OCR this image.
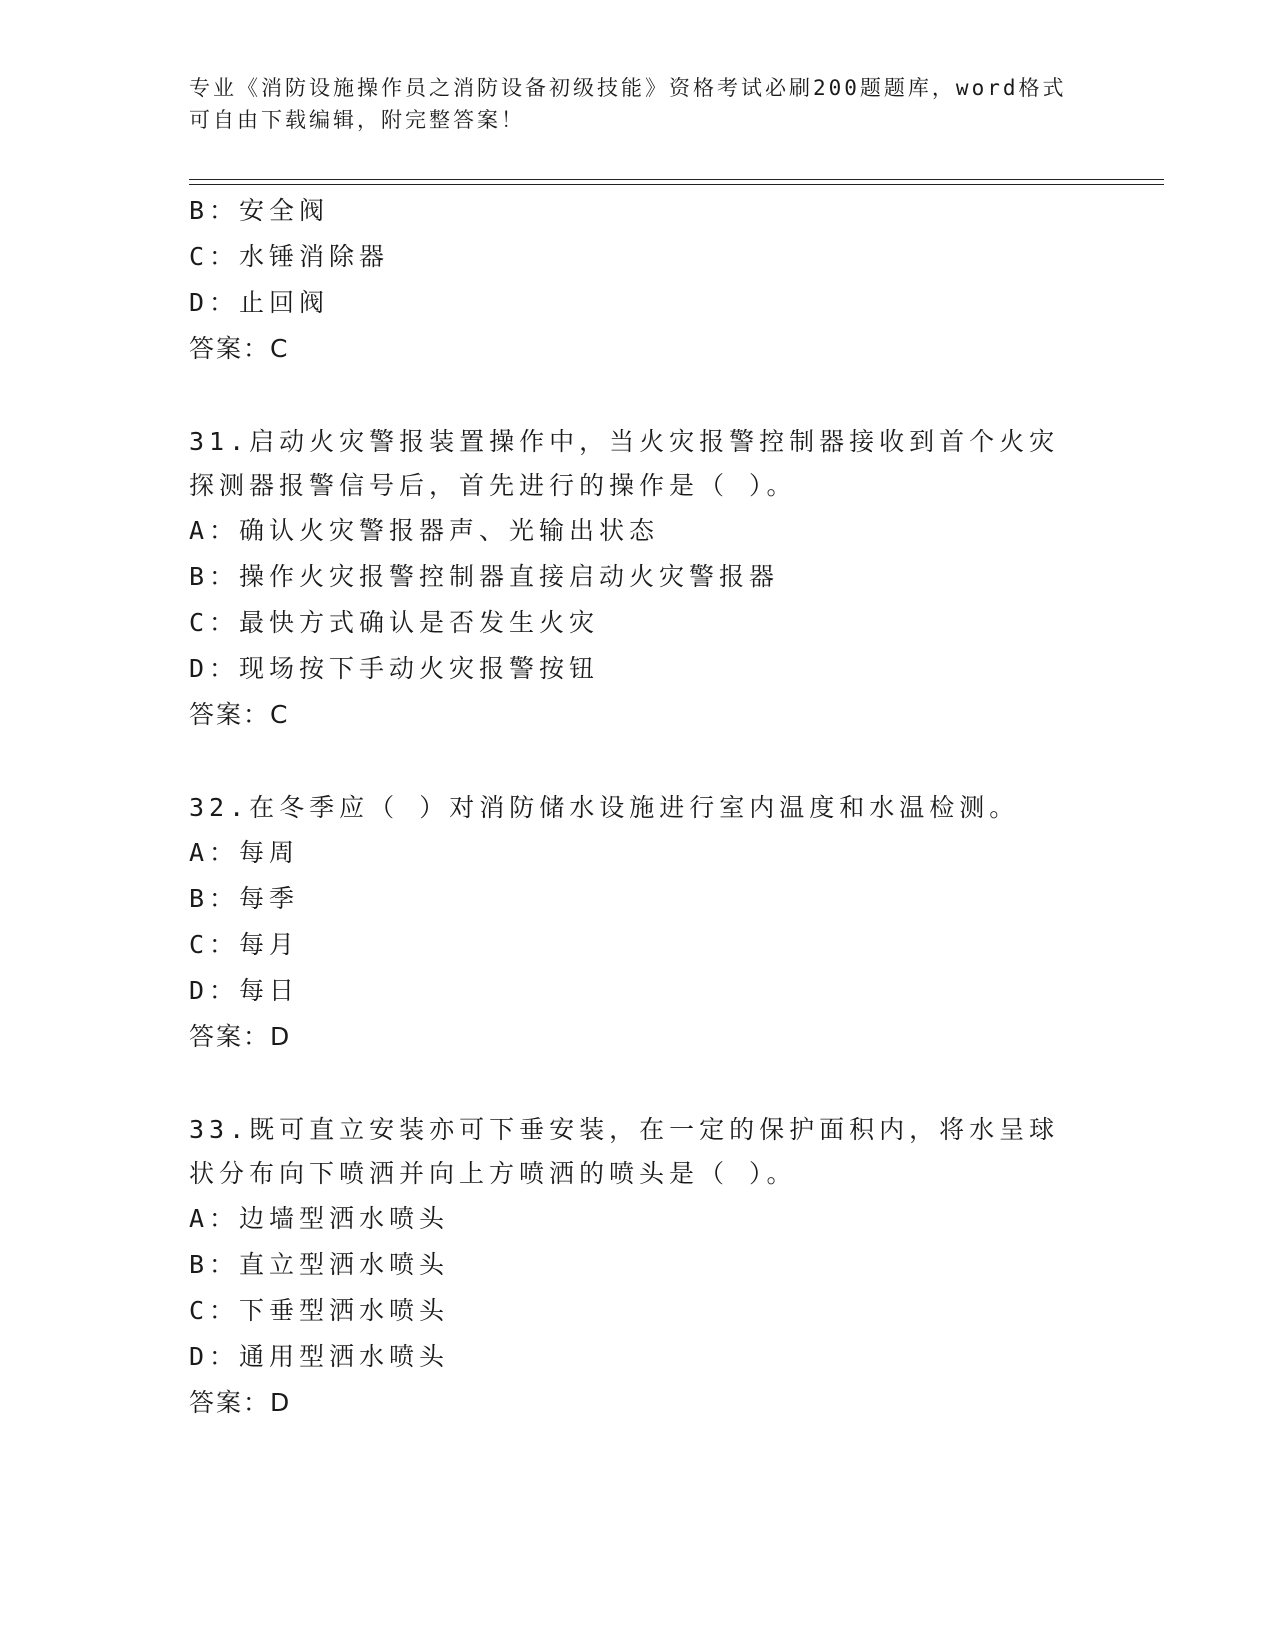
专业《消防设施操作员之消防设备初级技能》资格考试必刷200题题库，word格式可自由下载编辑，附完整答案！
B：安全阀
C：水锤消除器
D：止回阀
答案：C
31.启动火灾警报装置操作中，当火灾报警控制器接收到首个火灾探测器报警信号后，首先进行的操作是（ ）。
A：确认火灾警报器声、光输出状态
B：操作火灾报警控制器直接启动火灾警报器
C：最快方式确认是否发生火灾
D：现场按下手动火灾报警按钮
答案：C
32.在冬季应（ ）对消防储水设施进行室内温度和水温检测。
A：每周
B：每季
C：每月
D：每日
答案：D
33.既可直立安装亦可下垂安装，在一定的保护面积内，将水呈球状分布向下喷洒并向上方喷洒的喷头是（ ）。
A：边墙型洒水喷头
B：直立型洒水喷头
C：下垂型洒水喷头
D：通用型洒水喷头
答案：D
